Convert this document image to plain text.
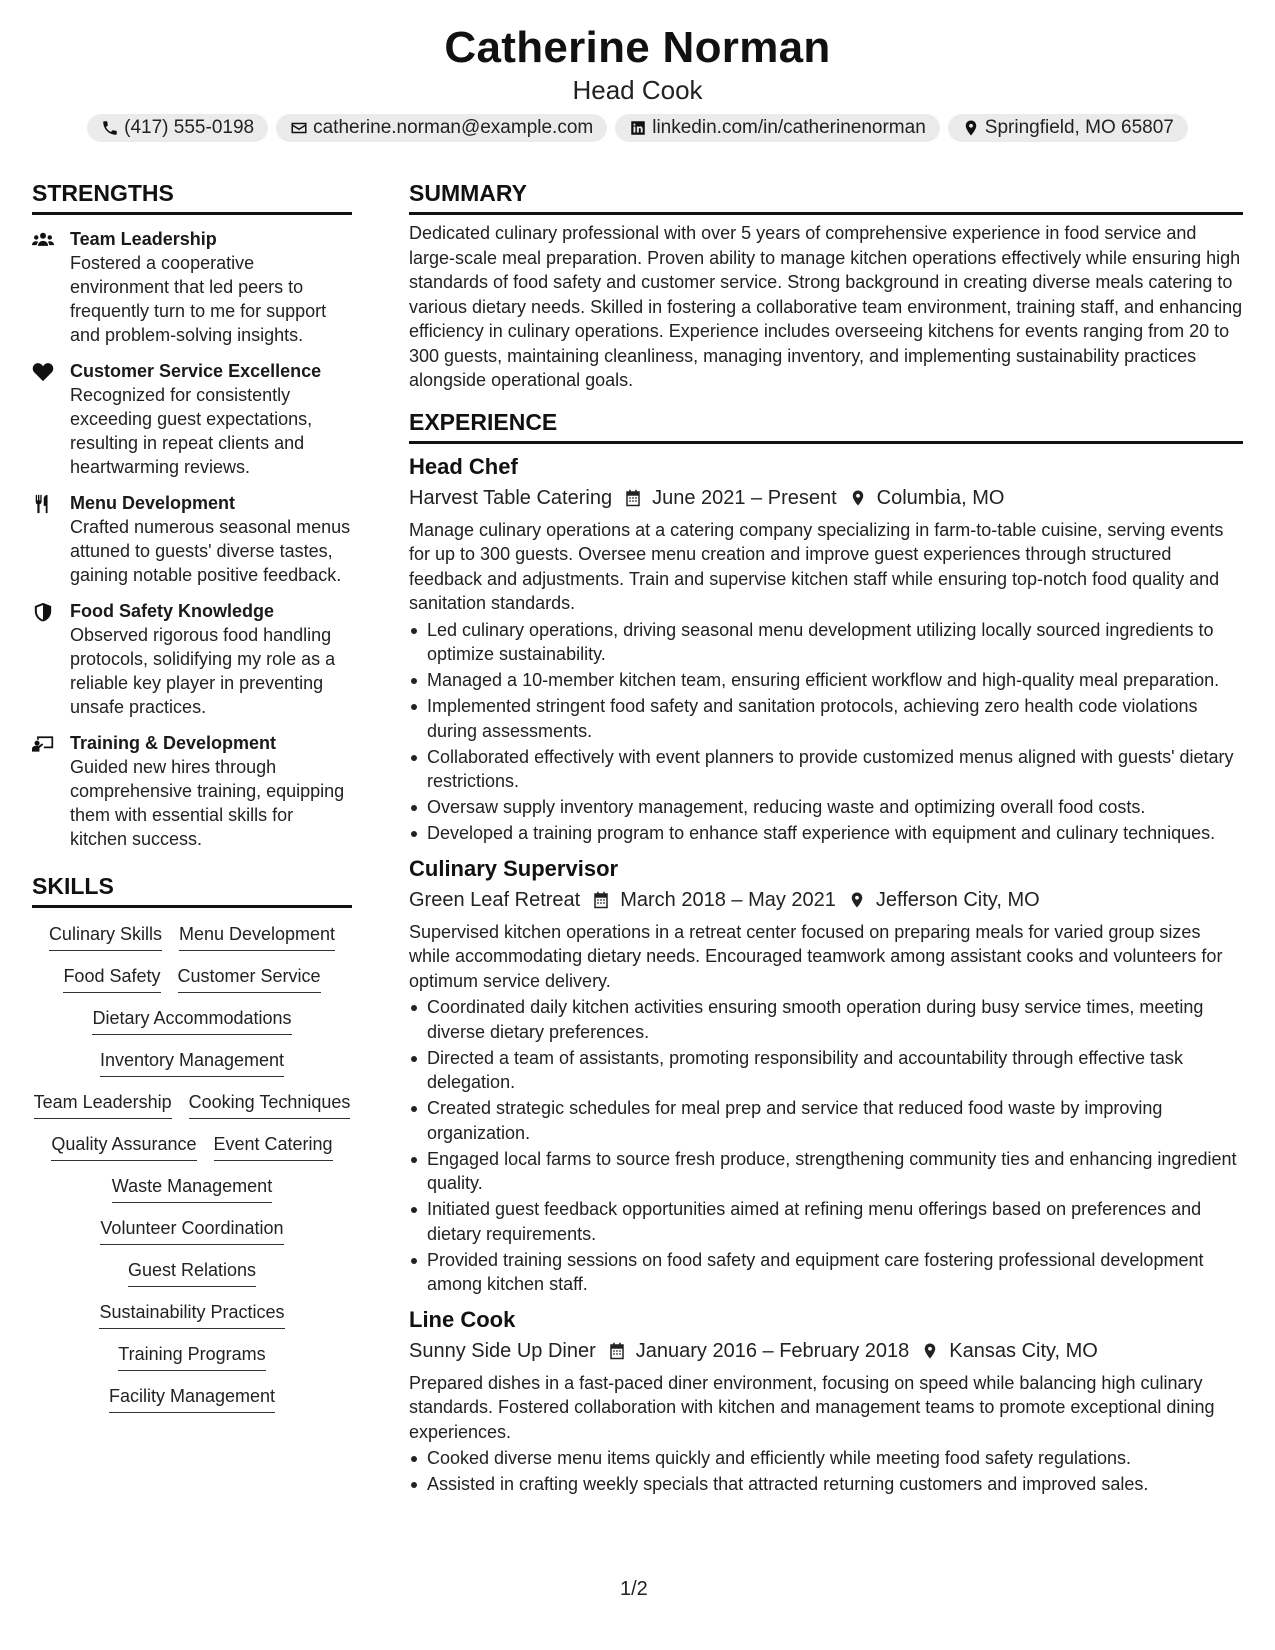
Catherine Norman
Head Cook
(417) 555-0198	catherine.norman@example.com	linkedin.com/in/catherinenorman	Springfield, MO 65807
STRENGTHS
Team Leadership
Fostered a cooperative environment that led peers to frequently turn to me for support and problem-solving insights.
Customer Service Excellence
Recognized for consistently exceeding guest expectations, resulting in repeat clients and heartwarming reviews.
Menu Development
Crafted numerous seasonal menus attuned to guests' diverse tastes, gaining notable positive feedback.
Food Safety Knowledge
Observed rigorous food handling protocols, solidifying my role as a reliable key player in preventing unsafe practices.
Training & Development
Guided new hires through comprehensive training, equipping them with essential skills for kitchen success.
SKILLS
Culinary Skills Menu Development
Food Safety Customer Service
Dietary Accommodations
Inventory Management
Team Leadership Cooking Techniques
Quality Assurance Event Catering
Waste Management
Volunteer Coordination
Guest Relations
Sustainability Practices
Training Programs
Facility Management
SUMMARY
Dedicated culinary professional with over 5 years of comprehensive experience in food service and large-scale meal preparation. Proven ability to manage kitchen operations effectively while ensuring high standards of food safety and customer service. Strong background in creating diverse meals catering to various dietary needs. Skilled in fostering a collaborative team environment, training staff, and enhancing efficiency in culinary operations. Experience includes overseeing kitchens for events ranging from 20 to 300 guests, maintaining cleanliness, managing inventory, and implementing sustainability practices alongside operational goals.
EXPERIENCE
Head Chef
Harvest Table Catering June 2021 – Present Columbia, MO
Manage culinary operations at a catering company specializing in farm-to-table cuisine, serving events for up to 300 guests. Oversee menu creation and improve guest experiences through structured feedback and adjustments. Train and supervise kitchen staff while ensuring top-notch food quality and sanitation standards.
Led culinary operations, driving seasonal menu development utilizing locally sourced ingredients to optimize sustainability.
Managed a 10-member kitchen team, ensuring efficient workflow and high-quality meal preparation.
Implemented stringent food safety and sanitation protocols, achieving zero health code violations during assessments.
Collaborated effectively with event planners to provide customized menus aligned with guests' dietary restrictions.
Oversaw supply inventory management, reducing waste and optimizing overall food costs.
Developed a training program to enhance staff experience with equipment and culinary techniques.
Culinary Supervisor
Green Leaf Retreat March 2018 – May 2021 Jefferson City, MO
Supervised kitchen operations in a retreat center focused on preparing meals for varied group sizes while accommodating dietary needs. Encouraged teamwork among assistant cooks and volunteers for optimum service delivery.
Coordinated daily kitchen activities ensuring smooth operation during busy service times, meeting diverse dietary preferences.
Directed a team of assistants, promoting responsibility and accountability through effective task delegation.
Created strategic schedules for meal prep and service that reduced food waste by improving organization.
Engaged local farms to source fresh produce, strengthening community ties and enhancing ingredient quality.
Initiated guest feedback opportunities aimed at refining menu offerings based on preferences and dietary requirements.
Provided training sessions on food safety and equipment care fostering professional development among kitchen staff.
Line Cook
Sunny Side Up Diner January 2016 – February 2018 Kansas City, MO
Prepared dishes in a fast-paced diner environment, focusing on speed while balancing high culinary standards. Fostered collaboration with kitchen and management teams to promote exceptional dining experiences.
Cooked diverse menu items quickly and efficiently while meeting food safety regulations.
Assisted in crafting weekly specials that attracted returning customers and improved sales.
1/2
